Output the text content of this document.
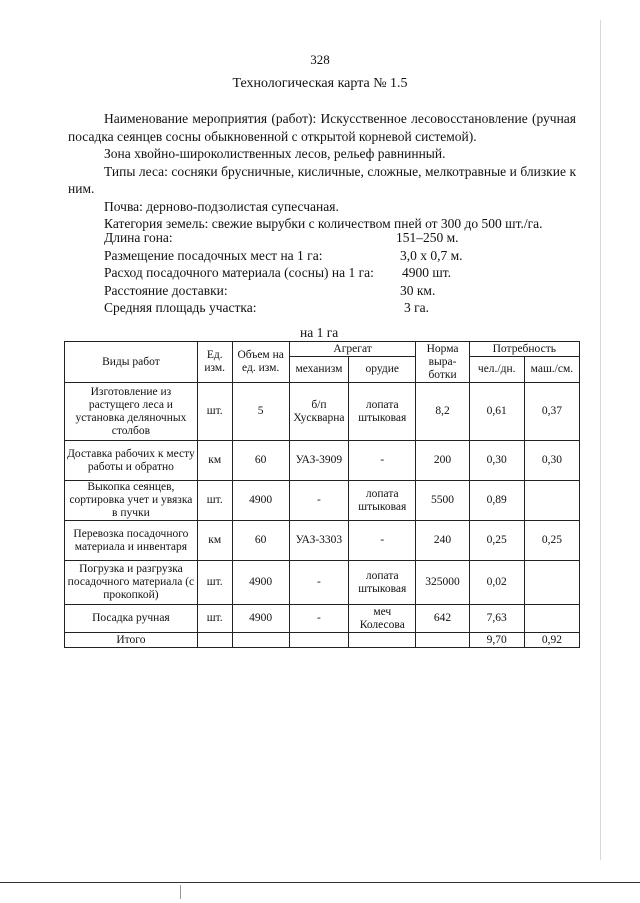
328
Технологическая карта № 1.5

Наименование мероприятия (работ): Искусственное лесовосстановление (ручная посадка сеянцев сосны обыкновенной с открытой корневой системой).

Зона хвойно-широколиственных лесов, рельеф равнинный.

Типы леса: сосняки брусничные, кисличные, сложные, мелкотравные и близкие к ним.

Почва: дерново-подзолистая супесчаная.

Категория земель: свежие вырубки с количеством пней от 300 до 500 шт./га.

Длина гона:	151–250 м.
Размещение посадочных мест на 1 га:	3,0 х 0,7 м.
Расход посадочного материала (сосны) на 1 га: 4900 шт.
Расстояние доставки:	30 км.
Средняя площадь участка:	3 га.
на 1 га
Виды работ	Ед. изм.	Объем на ед. изм.	Агрегат		Норма выра-ботки	Потребность	
			механизм	орудие		чел./дн.	маш./см.
Изготовление из растущего леса и установка деляночных столбов	шт.	5	б/п Хускварна	лопата штыковая	8,2	0,61	0,37
Доставка рабочих к месту работы и обратно	км	60	УАЗ-3909	-	200	0,30	0,30
Выкопка сеянцев, сортировка учет и увязка в пучки	шт.	4900	-	лопата штыковая	5500	0,89	
Перевозка посадочного материала и инвентаря	км	60	УАЗ-3303	-	240	0,25	0,25
Погрузка и разгрузка посадочного материала (с прокопкой)	шт.	4900	-	лопата штыковая	325000	0,02	
Посадка ручная	шт.	4900	-	меч Колесова	642	7,63	
Итого						9,70	0,92
